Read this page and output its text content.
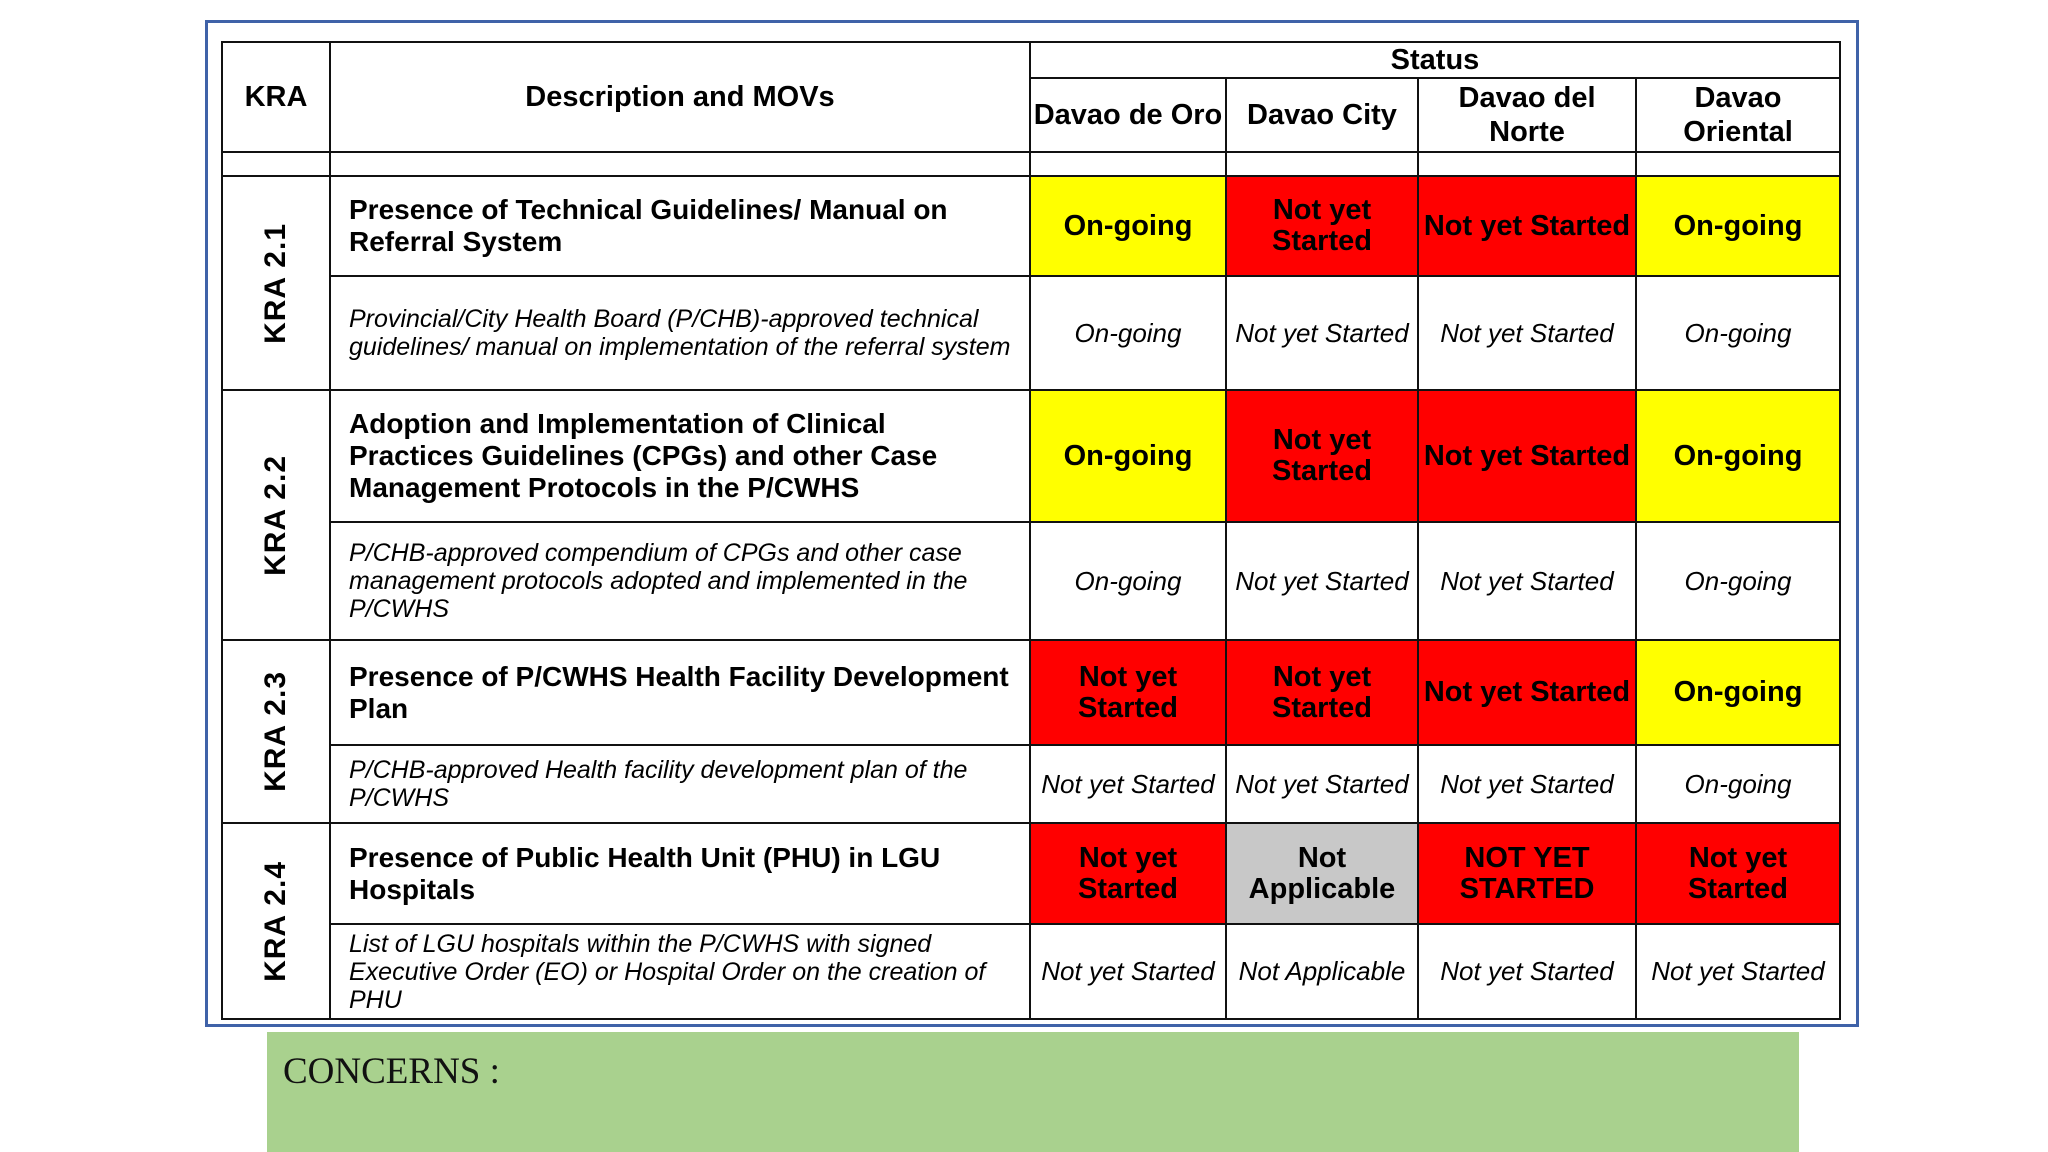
KRA	Description and MOVs
Status
Davao de Oro Davao City
Davao del Norte
Davao Oriental
KRA 2.1
Presence of Technical Guidelines/ Manual on Referral System
Provincial/City Health Board (P/CHB)-approved technical guidelines/ manual on implementation of the referral system
On-going
On-going
Not yet Started
Not yet Started
Not yet Started
Not yet Started
On-going
On-going
KRA 2.2
Adoption and Implementation of Clinical Practices Guidelines (CPGs) and other Case Management Protocols in the P/CWHS
P/CHB-approved compendium of CPGs and other case management protocols adopted and implemented in the P/CWHS
On-going
On-going
Not yet Started
Not yet Started
Not yet Started
Not yet Started
On-going
On-going
KRA 2.3	Presence of P/CWHS Health Facility Development Plan
P/CHB-approved Health facility development plan of the P/CWHS
Not yet Started
Not yet Started
Not yet Started
Not yet Started
Not yet Started
Not yet Started
On-going
On-going
KRA 2.4
Presence of Public Health Unit (PHU) in LGU Hospitals
List of LGU hospitals within the P/CWHS with signed Executive Order (EO) or Hospital Order on the creation of PHU
Not yet Started
Not yet Started
Not Applicable
Not Applicable
NOT YET STARTED
Not yet Started
Not yet Started
Not yet Started
CONCERNS :
